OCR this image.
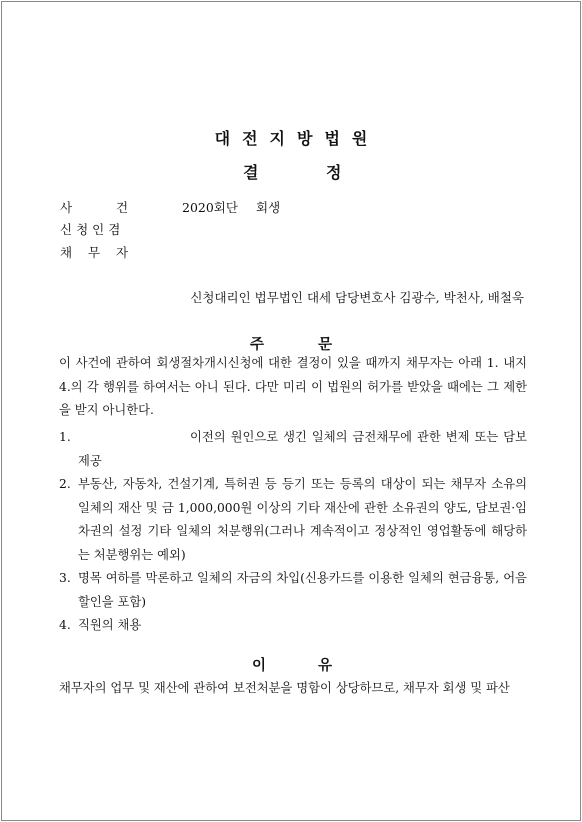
대전지방법원
결	정
사	건	2020회단 회생
신청인겸
채 무 자
신청대리인 법무법인 대세 담당변호사 김광수, 박천사, 배철욱
주	문

이 사건에 관하여 회생절차개시신청에 대한 결정이 있을 때까지 채무자는 아래 1. 내지 4.의 각 행위를 하여서는 아니 된다. 다만 미리 이 법원의 허가를 받았을 때에는 그 제한을 받지 아니한다.

1.	이전의 원인으로 생긴 일체의 금전채무에 관한 변제 또는 담보 제공
2. 부동산, 자동차, 건설기계, 특허권 등 등기 또는 등록의 대상이 되는 채무자 소유의 일체의 재산 및 금 1,000,000원 이상의 기타 재산에 관한 소유권의 양도, 담보권·임차권의 설정 기타 일체의 처분행위(그러나 계속적이고 정상적인 영업활동에 해당하는 처분행위는 예외)
3. 명목 여하를 막론하고 일체의 자금의 차입(신용카드를 이용한 일체의 현금융통, 어음할인을 포함)
4. 직원의 채용
이	유

채무자의 업무 및 재산에 관하여 보전처분을 명함이 상당하므로, 채무자 회생 및 파산
